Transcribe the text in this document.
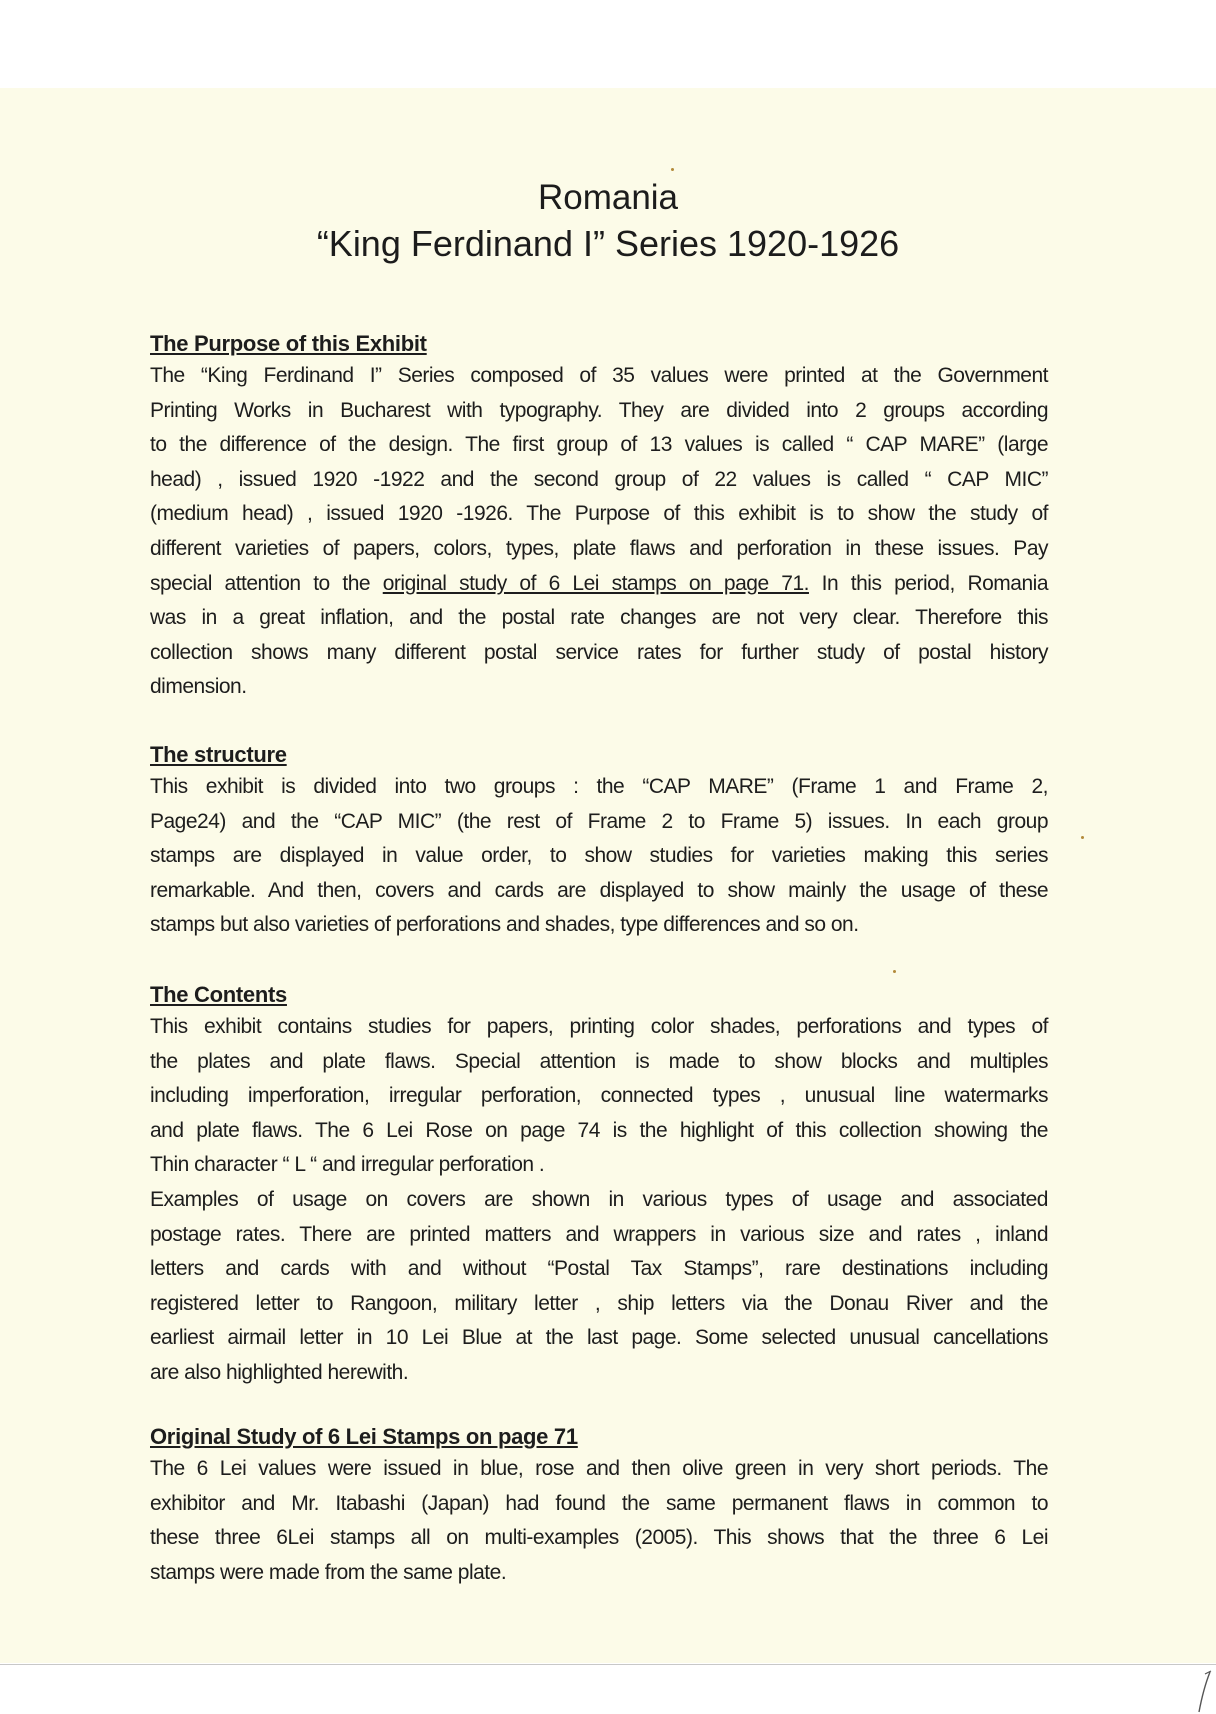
Romania
“King Ferdinand I” Series 1920-1926
The Purpose of this Exhibit
The “King Ferdinand I” Series composed of 35 values were printed at the Government
Printing Works in Bucharest with typography. They are divided into 2 groups according
to the difference of the design. The first group of 13 values is called “ CAP MARE” (large
head) , issued 1920 -1922 and the second group of 22 values is called “ CAP MIC”
(medium head) , issued 1920 -1926. The Purpose of this exhibit is to show the study of
different varieties of papers, colors, types, plate flaws and perforation in these issues. Pay
special attention to the original study of 6 Lei stamps on page 71. In this period, Romania
was in a great inflation, and the postal rate changes are not very clear. Therefore this
collection shows many different postal service rates for further study of postal history
dimension.
The structure
This exhibit is divided into two groups : the “CAP MARE” (Frame 1 and Frame 2,
Page24) and the “CAP MIC” (the rest of Frame 2 to Frame 5) issues. In each group
stamps are displayed in value order, to show studies for varieties making this series
remarkable. And then, covers and cards are displayed to show mainly the usage of these
stamps but also varieties of perforations and shades, type differences and so on.
The Contents
This exhibit contains studies for papers, printing color shades, perforations and types of
the plates and plate flaws. Special attention is made to show blocks and multiples
including imperforation, irregular perforation, connected types , unusual line watermarks
and plate flaws. The 6 Lei Rose on page 74 is the highlight of this collection showing the
Thin character “ L “ and irregular perforation .
Examples of usage on covers are shown in various types of usage and associated
postage rates. There are printed matters and wrappers in various size and rates , inland
letters and cards with and without “Postal Tax Stamps”, rare destinations including
registered letter to Rangoon, military letter , ship letters via the Donau River and the
earliest airmail letter in 10 Lei Blue at the last page. Some selected unusual cancellations
are also highlighted herewith.
Original Study of 6 Lei Stamps on page 71
The 6 Lei values were issued in blue, rose and then olive green in very short periods. The
exhibitor and Mr. Itabashi (Japan) had found the same permanent flaws in common to
these three 6Lei stamps all on multi-examples (2005). This shows that the three 6 Lei
stamps were made from the same plate.
